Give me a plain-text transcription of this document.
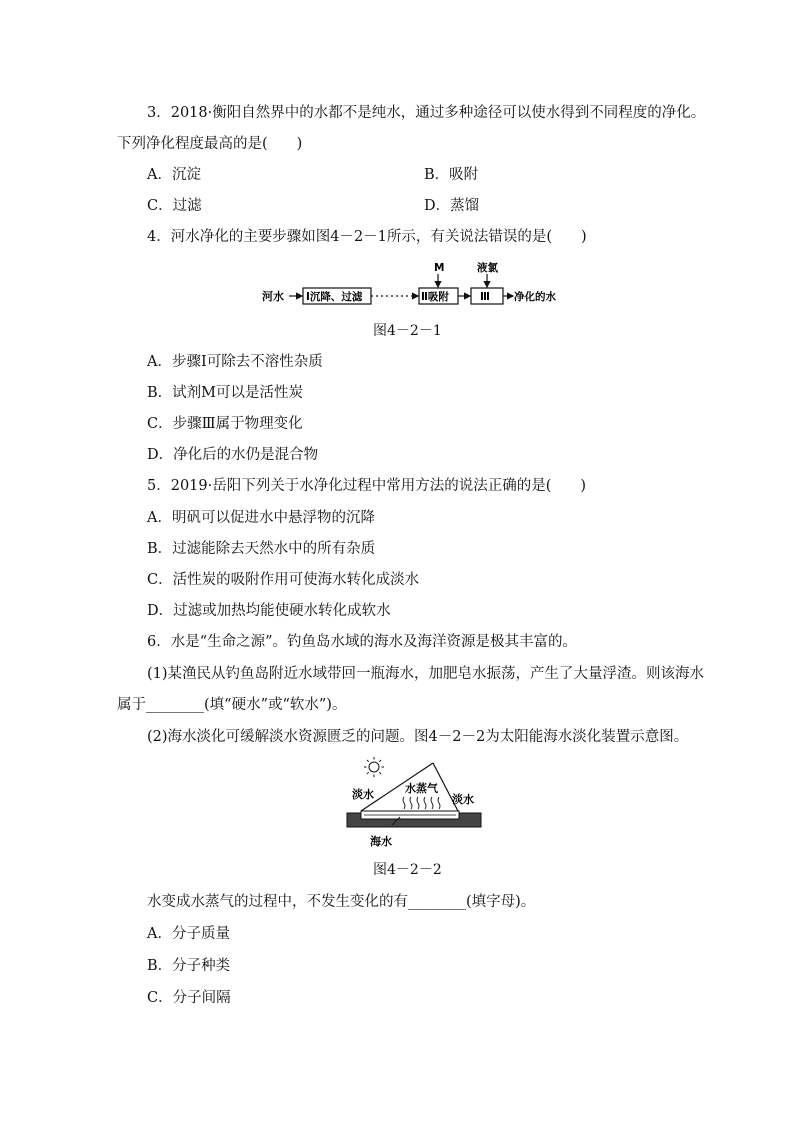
3．2018·衡阳自然界中的水都不是纯水，通过多种途径可以使水得到不同程度的净化。
下列净化程度最高的是(　　)
A．沉淀	B．吸附
C．过滤	D．蒸馏
4．河水净化的主要步骤如图4－2－1所示，有关说法错误的是(　　)
河水 Ⅰ沉降、过滤	Ⅱ吸附
M
Ⅲ
液氯
净化的水
图4－2－1
A．步骤Ⅰ可除去不溶性杂质
B．试剂M可以是活性炭
C．步骤Ⅲ属于物理变化
D．净化后的水仍是混合物
5．2019·岳阳下列关于水净化过程中常用方法的说法正确的是(　　)
A．明矾可以促进水中悬浮物的沉降
B．过滤能除去天然水中的所有杂质
C．活性炭的吸附作用可使海水转化成淡水
D．过滤或加热均能使硬水转化成软水
6．水是“生命之源”。钓鱼岛水域的海水及海洋资源是极其丰富的。
(1)某渔民从钓鱼岛附近水域带回一瓶海水，加肥皂水振荡，产生了大量浮渣。则该海水
属于________(填“硬水”或“软水”)。
(2)海水淡化可缓解淡水资源匮乏的问题。图4－2－2为太阳能海水淡化装置示意图。
淡水	水蒸气
淡水
海水
图4－2－2
水变成水蒸气的过程中，不发生变化的有________(填字母)。
A．分子质量
B．分子种类
C．分子间隔
